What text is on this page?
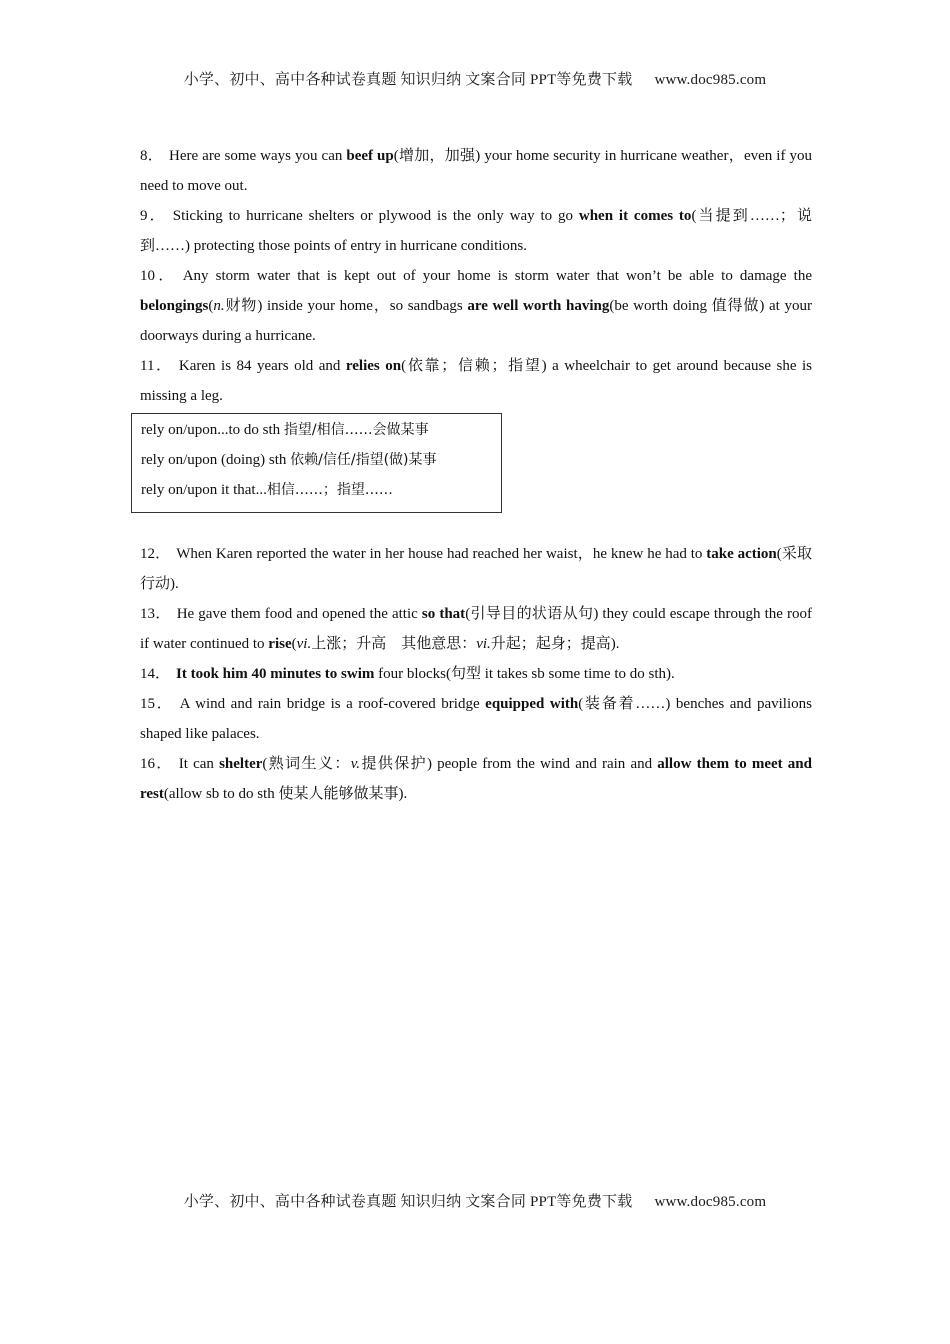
小学、初中、高中各种试卷真题 知识归纳 文案合同 PPT等免费下载 www.doc985.com

8． Here are some ways you can beef up(增加，加强) your home security in hurricane weather，even if you need to move out.

9． Sticking to hurricane shelters or plywood is the only way to go when it comes to(当提到……；说到……) protecting those points of entry in hurricane conditions.

10． Any storm water that is kept out of your home is storm water that won’t be able to damage the belongings(n.财物) inside your home，so sandbags are well worth having(be worth doing 值得做) at your doorways during a hurricane.

11． Karen is 84 years old and relies on(依靠；信赖；指望) a wheelchair to get around because she is missing a leg.

rely on/upon...to do sth 指望/相信……会做某事
rely on/upon (doing) sth 依赖/信任/指望(做)某事
rely on/upon it that...相信……；指望……

12． When Karen reported the water in her house had reached her waist，he knew he had to take action(采取行动).

13． He gave them food and opened the attic so that(引导目的状语从句) they could escape through the roof if water continued to rise(vi.上涨；升高　其他意思：vi.升起；起身；提高).

14． It took him 40 minutes to swim four blocks(句型 it takes sb some time to do sth).

15． A wind and rain bridge is a roof-covered bridge equipped with(装备着……) benches and pavilions shaped like palaces.

16． It can shelter(熟词生义：v.提供保护) people from the wind and rain and allow them to meet and rest(allow sb to do sth 使某人能够做某事).

小学、初中、高中各种试卷真题 知识归纳 文案合同 PPT等免费下载 www.doc985.com
